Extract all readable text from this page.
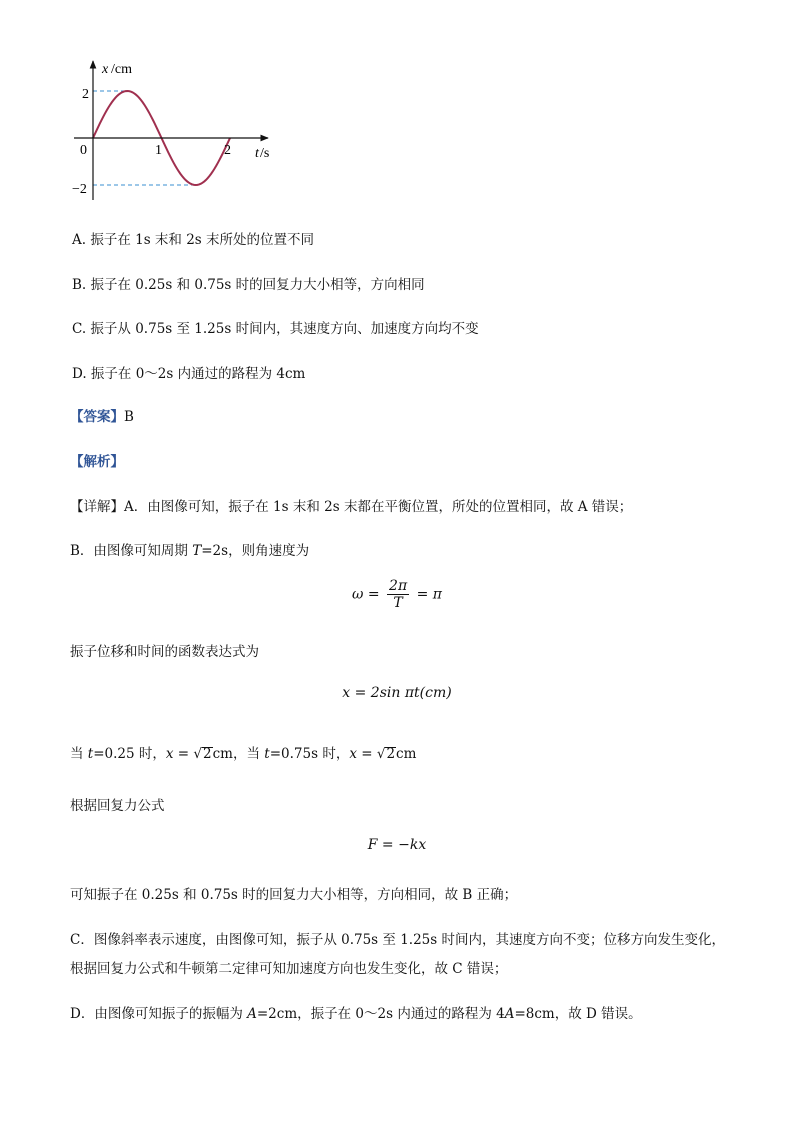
x /cm
t /s
0	1	2
2
−2
A. 振子在 1s 末和 2s 末所处的位置不同
B. 振子在 0.25s 和 0.75s 时的回复力大小相等，方向相同
C. 振子从 0.75s 至 1.25s 时间内，其速度方向、加速度方向均不变
D. 振子在 0～2s 内通过的路程为 4cm
【答案】B
【解析】
【详解】A．由图像可知，振子在 1s 末和 2s 末都在平衡位置，所处的位置相同，故 A 错误；
B．由图像可知周期 T=2s，则角速度为
$\omega = \frac{2\pi}{T} = \pi$
振子位移和时间的函数表达式为
x = 2sin πt(cm)
当 t=0.25 时，x = √2cm，当 t=0.75s 时，x = √2cm
根据回复力公式
F = −kx
可知振子在 0.25s 和 0.75s 时的回复力大小相等，方向相同，故 B 正确；
C．图像斜率表示速度，由图像可知，振子从 0.75s 至 1.25s 时间内，其速度方向不变；位移方向发生变化，
根据回复力公式和牛顿第二定律可知加速度方向也发生变化，故 C 错误；
D．由图像可知振子的振幅为 A=2cm，振子在 0～2s 内通过的路程为 4A=8cm，故 D 错误。
